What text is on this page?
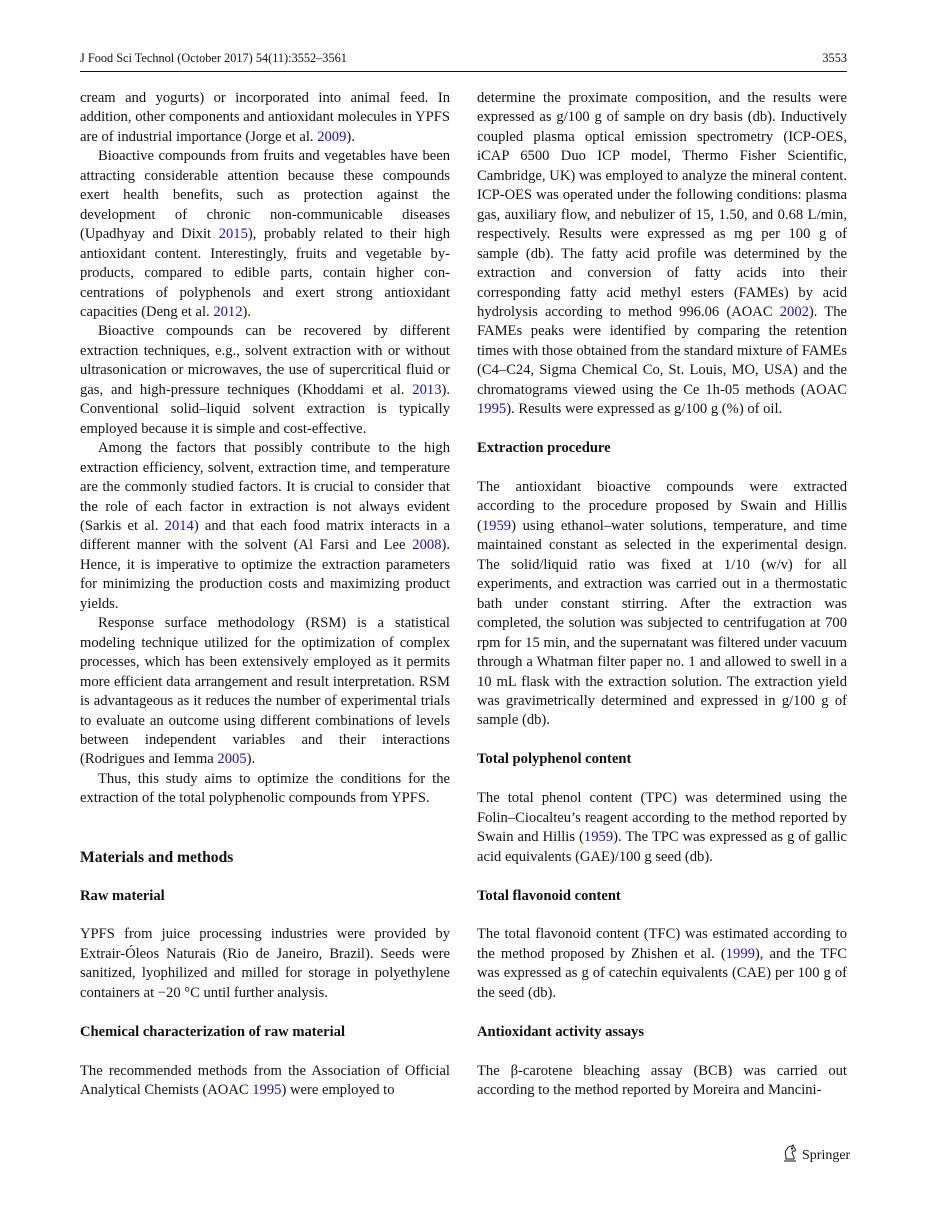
J Food Sci Technol (October 2017) 54(11):3552–3561	3553

cream and yogurts) or incorporated into animal feed. In addition, other components and antioxidant molecules in YPFS are of industrial importance (Jorge et al. 2009).

Bioactive compounds from fruits and vegetables have been attracting considerable attention because these compounds exert health benefits, such as protection against the development of chronic non-communicable diseases (Upadhyay and Dixit 2015), probably related to their high antioxidant content. Interestingly, fruits and vegetable by-products, compared to edible parts, contain higher concentrations of polyphenols and exert strong antioxidant capacities (Deng et al. 2012).

Bioactive compounds can be recovered by different extraction techniques, e.g., solvent extraction with or without ultrasonication or microwaves, the use of supercritical fluid or gas, and high-pressure techniques (Khoddami et al. 2013). Conventional solid–liquid solvent extraction is typically employed because it is simple and cost-effective.

Among the factors that possibly contribute to the high extraction efficiency, solvent, extraction time, and temperature are the commonly studied factors. It is crucial to consider that the role of each factor in extraction is not always evident (Sarkis et al. 2014) and that each food matrix interacts in a different manner with the solvent (Al Farsi and Lee 2008). Hence, it is imperative to optimize the extraction parameters for minimizing the production costs and maximizing product yields.

Response surface methodology (RSM) is a statistical modeling technique utilized for the optimization of complex processes, which has been extensively employed as it permits more efficient data arrangement and result interpretation. RSM is advantageous as it reduces the number of experimental trials to evaluate an outcome using different combinations of levels between independent variables and their interactions (Rodrigues and Iemma 2005).

Thus, this study aims to optimize the conditions for the extraction of the total polyphenolic compounds from YPFS.

Materials and methods
Raw material

YPFS from juice processing industries were provided by Extrair-Óleos Naturais (Rio de Janeiro, Brazil). Seeds were sanitized, lyophilized and milled for storage in polyethylene containers at −20 °C until further analysis.

Chemical characterization of raw material

The recommended methods from the Association of Official Analytical Chemists (AOAC 1995) were employed to

determine the proximate composition, and the results were expressed as g/100 g of sample on dry basis (db). Inductively coupled plasma optical emission spectrometry (ICP-OES, iCAP 6500 Duo ICP model, Thermo Fisher Scientific, Cambridge, UK) was employed to analyze the mineral content. ICP-OES was operated under the following conditions: plasma gas, auxiliary flow, and nebulizer of 15, 1.50, and 0.68 L/min, respectively. Results were expressed as mg per 100 g of sample (db). The fatty acid profile was determined by the extraction and conversion of fatty acids into their corresponding fatty acid methyl esters (FAMEs) by acid hydrolysis according to method 996.06 (AOAC 2002). The FAMEs peaks were identified by comparing the retention times with those obtained from the standard mixture of FAMEs (C4–C24, Sigma Chemical Co, St. Louis, MO, USA) and the chromatograms viewed using the Ce 1h-05 methods (AOAC 1995). Results were expressed as g/100 g (%) of oil.

Extraction procedure

The antioxidant bioactive compounds were extracted according to the procedure proposed by Swain and Hillis (1959) using ethanol–water solutions, temperature, and time maintained constant as selected in the experimental design. The solid/liquid ratio was fixed at 1/10 (w/v) for all experiments, and extraction was carried out in a thermostatic bath under constant stirring. After the extraction was completed, the solution was subjected to centrifugation at 700 rpm for 15 min, and the supernatant was filtered under vacuum through a Whatman filter paper no. 1 and allowed to swell in a 10 mL flask with the extraction solution. The extraction yield was gravimetrically determined and expressed in g/100 g of sample (db).

Total polyphenol content

The total phenol content (TPC) was determined using the Folin–Ciocalteu’s reagent according to the method reported by Swain and Hillis (1959). The TPC was expressed as g of gallic acid equivalents (GAE)/100 g seed (db).

Total flavonoid content

The total flavonoid content (TFC) was estimated according to the method proposed by Zhishen et al. (1999), and the TFC was expressed as g of catechin equivalents (CAE) per 100 g of the seed (db).

Antioxidant activity assays

The β-carotene bleaching assay (BCB) was carried out according to the method reported by Moreira and Mancini-

Springer
